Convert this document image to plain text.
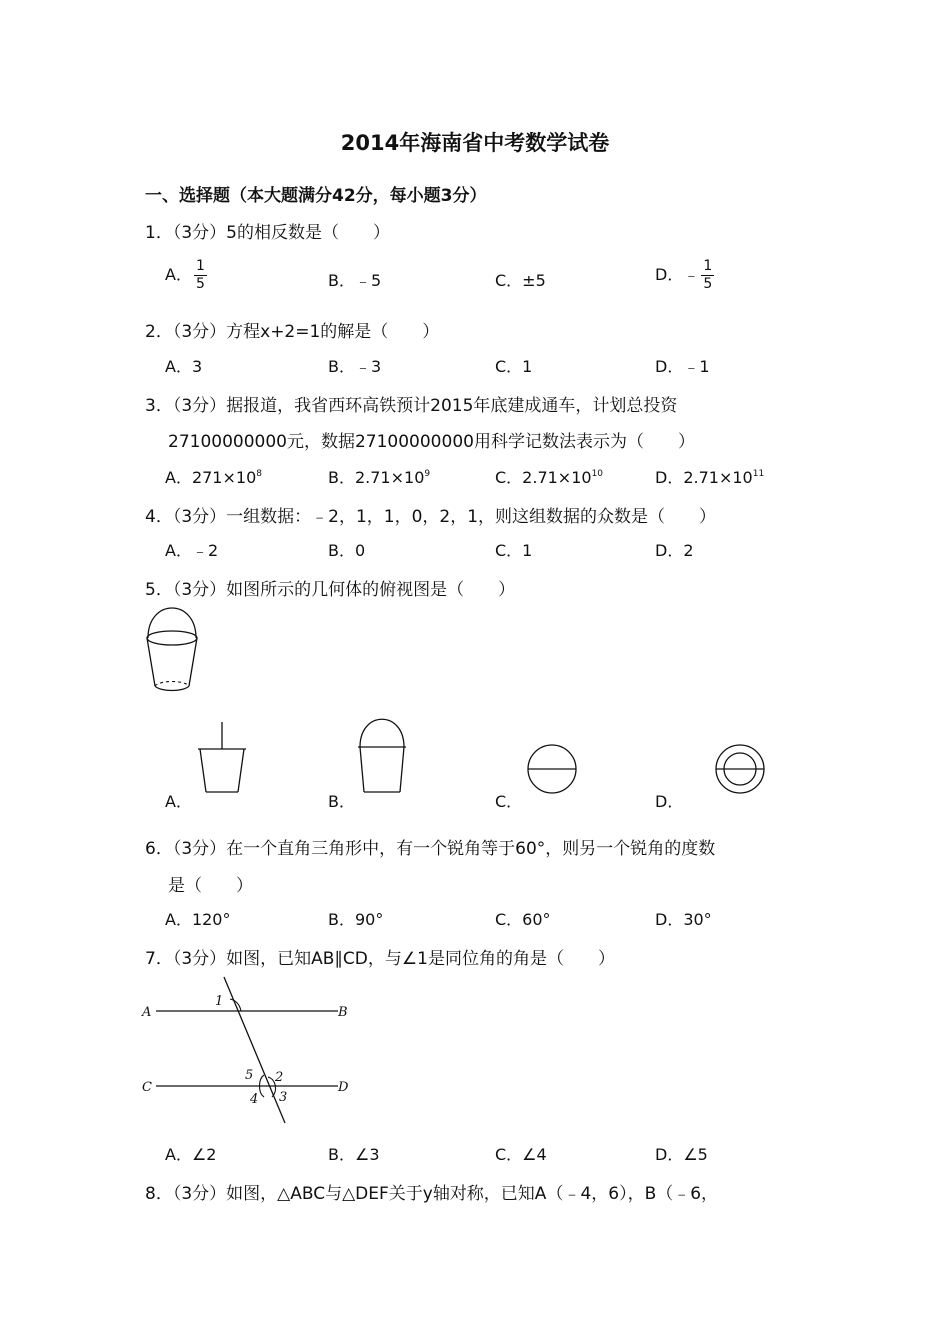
2014年海南省中考数学试卷
一、选择题（本大题满分42分，每小题3分）
1．（3分）5的相反数是（　　）
A． $\frac{1}{5}$	B．﹣5	C．±5	D．﹣ $\frac{1}{5}$
2．（3分）方程x+2=1的解是（　　）
A．3	B．﹣3	C．1	D．﹣1
3．（3分）据报道，我省西环高铁预计2015年底建成通车，计划总投资
27100000000元，数据27100000000用科学记数法表示为（　　）
A．$271\times 10^8$	B．$2.71\times 10^9$	C．$2.71\times 10^{10}$	D．$2.71\times 10^{11}$
4．（3分）一组数据：﹣2，1，1，0，2，1，则这组数据的众数是（　　）
A．﹣2	B．0	C．1	D．2
5．（3分）如图所示的几何体的俯视图是（　　）
A．	B．	C．	D．
6．（3分）在一个直角三角形中，有一个锐角等于60°，则另一个锐角的度数
是（　　）
A．120°	B．90°	C．60°	D．30°
7．（3分）如图，已知AB∥CD，与∠1是同位角的角是（　　）
A	B
C	D
1
2
3
4
5
A．∠2	B．∠3	C．∠4	D．∠5
8．（3分）如图，△ABC与△DEF关于y轴对称，已知A（﹣4，6），B（﹣6，
